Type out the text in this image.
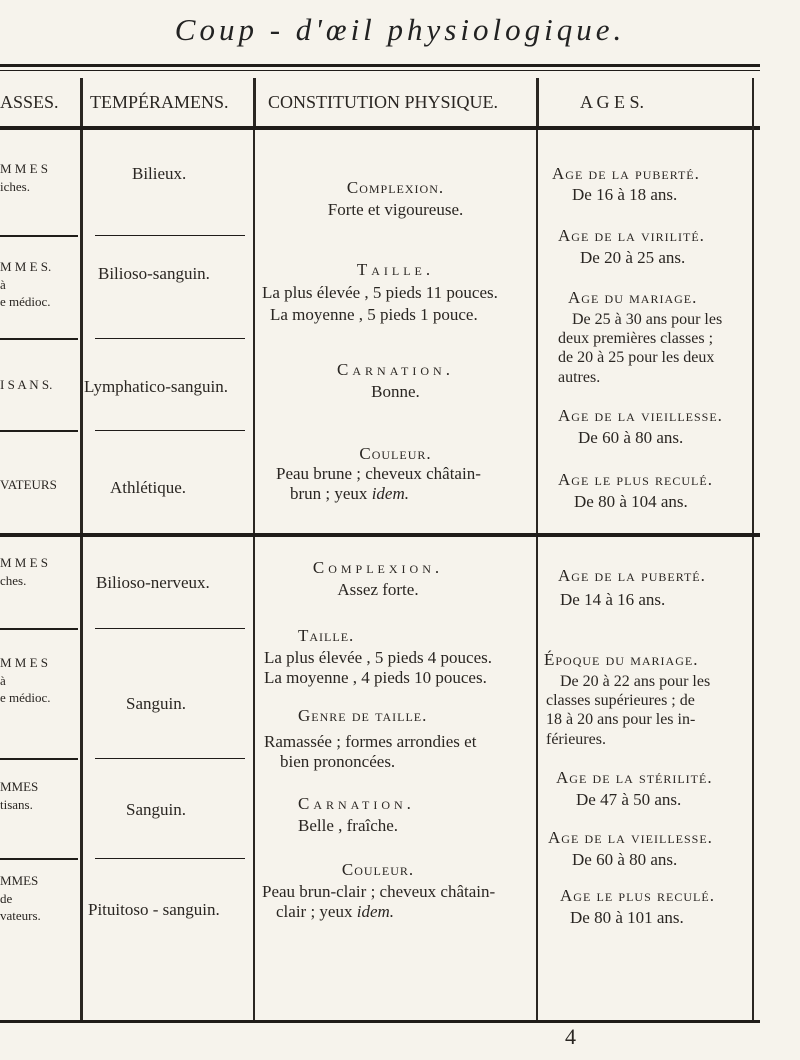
Coup - d'œil physiologique.
ASSES. TEMPÉRAMENS. CONSTITUTION PHYSIQUE.	A G E S.
M M E S
iches.
M M E S.
à
e médioc.
I S A N S.
VATEURS
Bilieux.
Bilioso-sanguin.
Lymphatico-sanguin.
Athlétique.
Complexion.
Forte et vigoureuse.
Taille.
La plus élevée , 5 pieds 11 pouces.
La moyenne , 5 pieds 1 pouce.
Carnation.
Bonne.
Couleur.
Peau brune ; cheveux châtain-
brun ; yeux idem.
Age de la puberté.
De 16 à 18 ans.
Age de la virilité.
De 20 à 25 ans.
Age du mariage.
De 25 à 30 ans pour les
deux premières classes ;
de 20 à 25 pour les deux
autres.
Age de la vieillesse.
De 60 à 80 ans.
Age le plus reculé.
De 80 à 104 ans.
M M E S
ches.
M M E S
à
e médioc.
MMES
tisans.
MMES
de
vateurs.
Bilioso-nerveux.
Sanguin.
Sanguin.
Pituitoso - sanguin.
Complexion.
Assez forte.
Taille.
La plus élevée , 5 pieds 4 pouces.
La moyenne , 4 pieds 10 pouces.
Genre de taille.
Ramassée ; formes arrondies et
bien prononcées.
Carnation.
Belle , fraîche.
Couleur.
Peau brun-clair ; cheveux châtain-
clair ; yeux idem.
Age de la puberté.
De 14 à 16 ans.
Époque du mariage.
De 20 à 22 ans pour les
classes supérieures ; de
18 à 20 ans pour les in-
férieures.
Age de la stérilité.
De 47 à 50 ans.
Age de la vieillesse.
De 60 à 80 ans.
Age le plus reculé.
De 80 à 101 ans.
4
